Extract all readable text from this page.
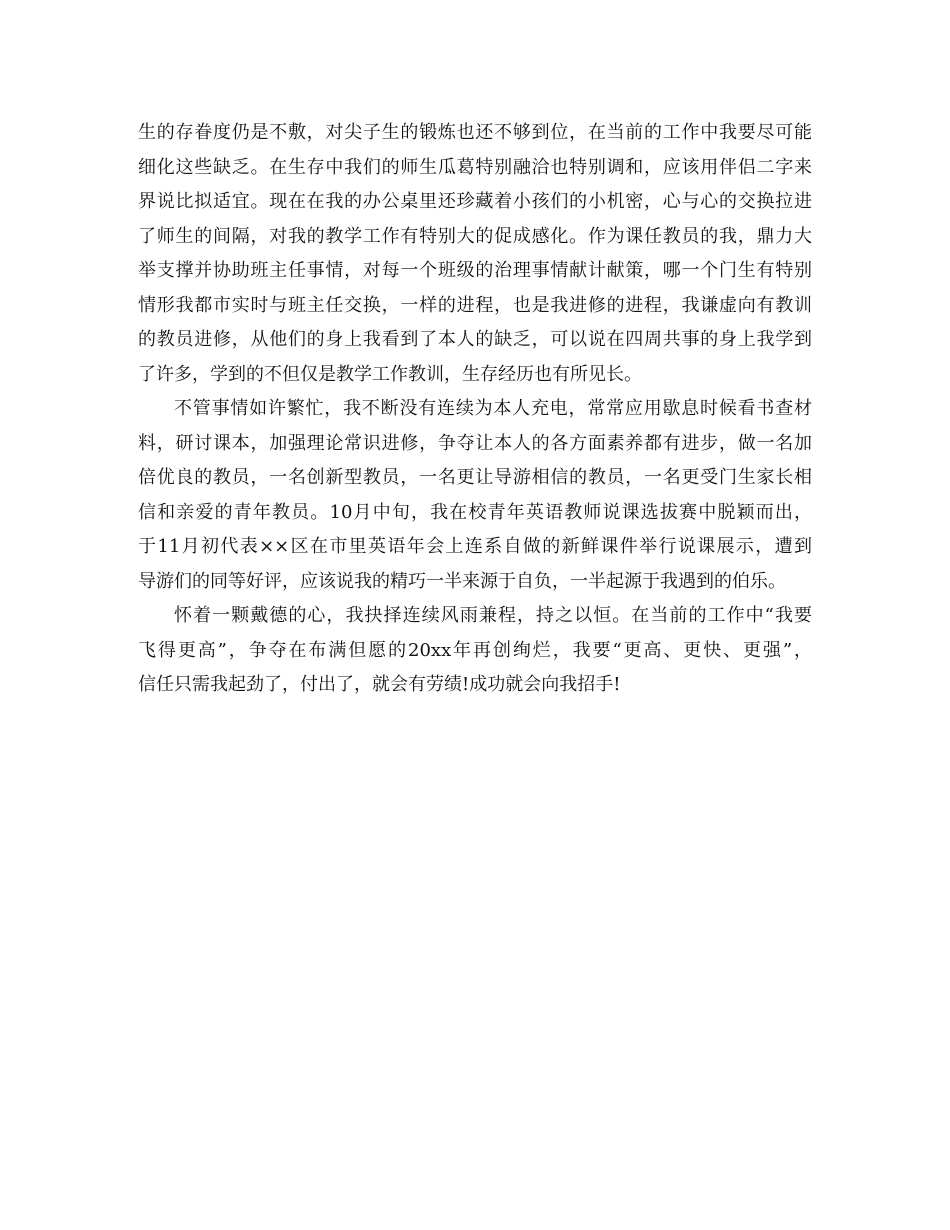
生的存眷度仍是不敷，对尖子生的锻炼也还不够到位，在当前的工作中我要尽可能
细化这些缺乏。在生存中我们的师生瓜葛特别融洽也特别调和，应该用伴侣二字来
界说比拟适宜。现在在我的办公桌里还珍藏着小孩们的小机密，心与心的交换拉进
了师生的间隔，对我的教学工作有特别大的促成感化。作为课任教员的我，鼎力大
举支撑并协助班主任事情，对每一个班级的治理事情献计献策，哪一个门生有特别
情形我都市实时与班主任交换，一样的进程，也是我进修的进程，我谦虚向有教训
的教员进修，从他们的身上我看到了本人的缺乏，可以说在四周共事的身上我学到
了许多，学到的不但仅是教学工作教训，生存经历也有所见长。
不管事情如许繁忙，我不断没有连续为本人充电，常常应用歇息时候看书查材
料，研讨课本，加强理论常识进修，争夺让本人的各方面素养都有进步，做一名加
倍优良的教员，一名创新型教员，一名更让导游相信的教员，一名更受门生家长相
信和亲爱的青年教员。10月中旬，我在校青年英语教师说课选拔赛中脱颖而出，
于11月初代表××区在市里英语年会上连系自做的新鲜课件举行说课展示，遭到
导游们的同等好评，应该说我的精巧一半来源于自负，一半起源于我遇到的伯乐。
怀着一颗戴德的心，我抉择连续风雨兼程，持之以恒。在当前的工作中“我要
飞得更高”，争夺在布满但愿的20xx年再创绚烂，我要“更高、更快、更强”，
信任只需我起劲了，付出了，就会有劳绩!成功就会向我招手!
